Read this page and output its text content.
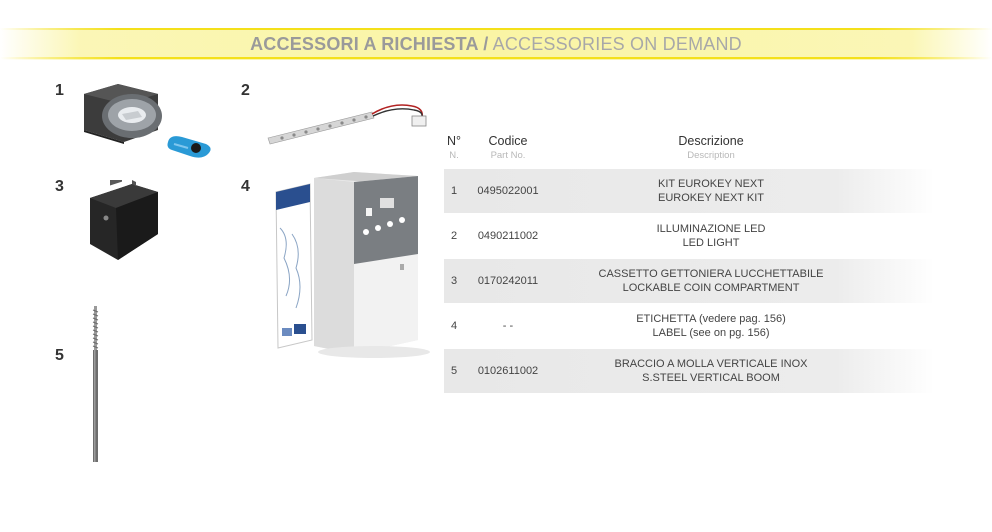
ACCESSORI A RICHIESTA / ACCESSORIES ON DEMAND
1	2
3	4
5
N°
N.
Codice
Part No.
Descrizione
Description
1	0495022001
KIT EUROKEY NEXT
EUROKEY NEXT KIT
2	0490211002
ILLUMINAZIONE LED
LED LIGHT
3	0170242011
CASSETTO GETTONIERA LUCCHETTABILE
LOCKABLE COIN COMPARTMENT
4	- -
ETICHETTA (vedere pag. 156)
LABEL (see on pg. 156)
5	0102611002
BRACCIO A MOLLA VERTICALE INOX
S.STEEL VERTICAL BOOM
